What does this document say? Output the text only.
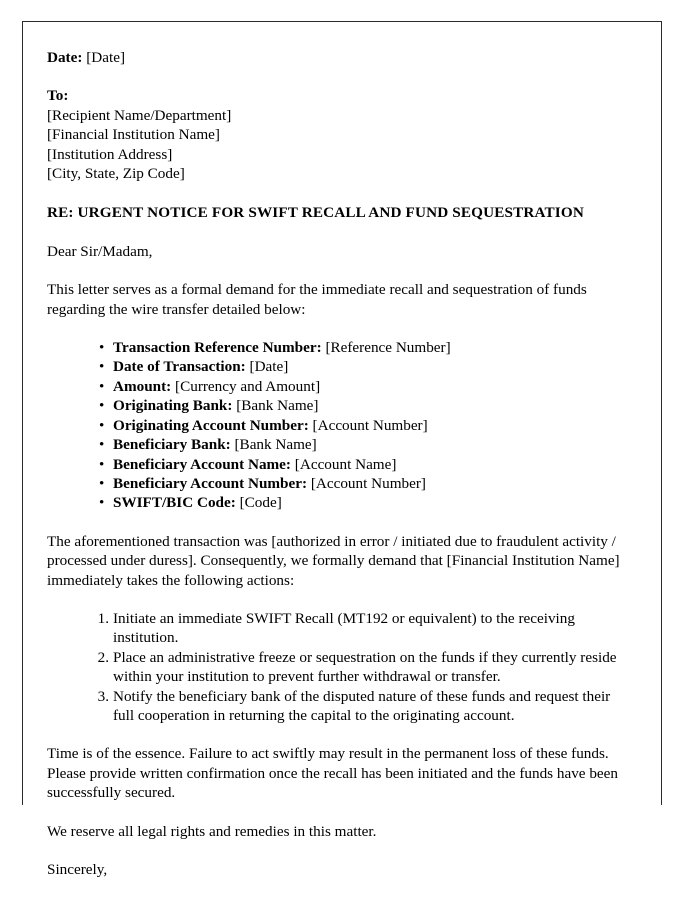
Date: [Date]

To:
[Recipient Name/Department]
[Financial Institution Name]
[Institution Address]
[City, State, Zip Code]

RE: URGENT NOTICE FOR SWIFT RECALL AND FUND SEQUESTRATION

Dear Sir/Madam,

This letter serves as a formal demand for the immediate recall and sequestration of funds regarding the wire transfer detailed below:

• Transaction Reference Number: [Reference Number]
• Date of Transaction: [Date]
• Amount: [Currency and Amount]
• Originating Bank: [Bank Name]
• Originating Account Number: [Account Number]
• Beneficiary Bank: [Bank Name]
• Beneficiary Account Name: [Account Name]
• Beneficiary Account Number: [Account Number]
• SWIFT/BIC Code: [Code]

The aforementioned transaction was [authorized in error / initiated due to fraudulent activity / processed under duress]. Consequently, we formally demand that [Financial Institution Name] immediately takes the following actions:

Initiate an immediate SWIFT Recall (MT192 or equivalent) to the receiving institution.
Place an administrative freeze or sequestration on the funds if they currently reside within your institution to prevent further withdrawal or transfer.
Notify the beneficiary bank of the disputed nature of these funds and request their full cooperation in returning the capital to the originating account.

Time is of the essence. Failure to act swiftly may result in the permanent loss of these funds. Please provide written confirmation once the recall has been initiated and the funds have been successfully secured.

We reserve all legal rights and remedies in this matter.

Sincerely,
